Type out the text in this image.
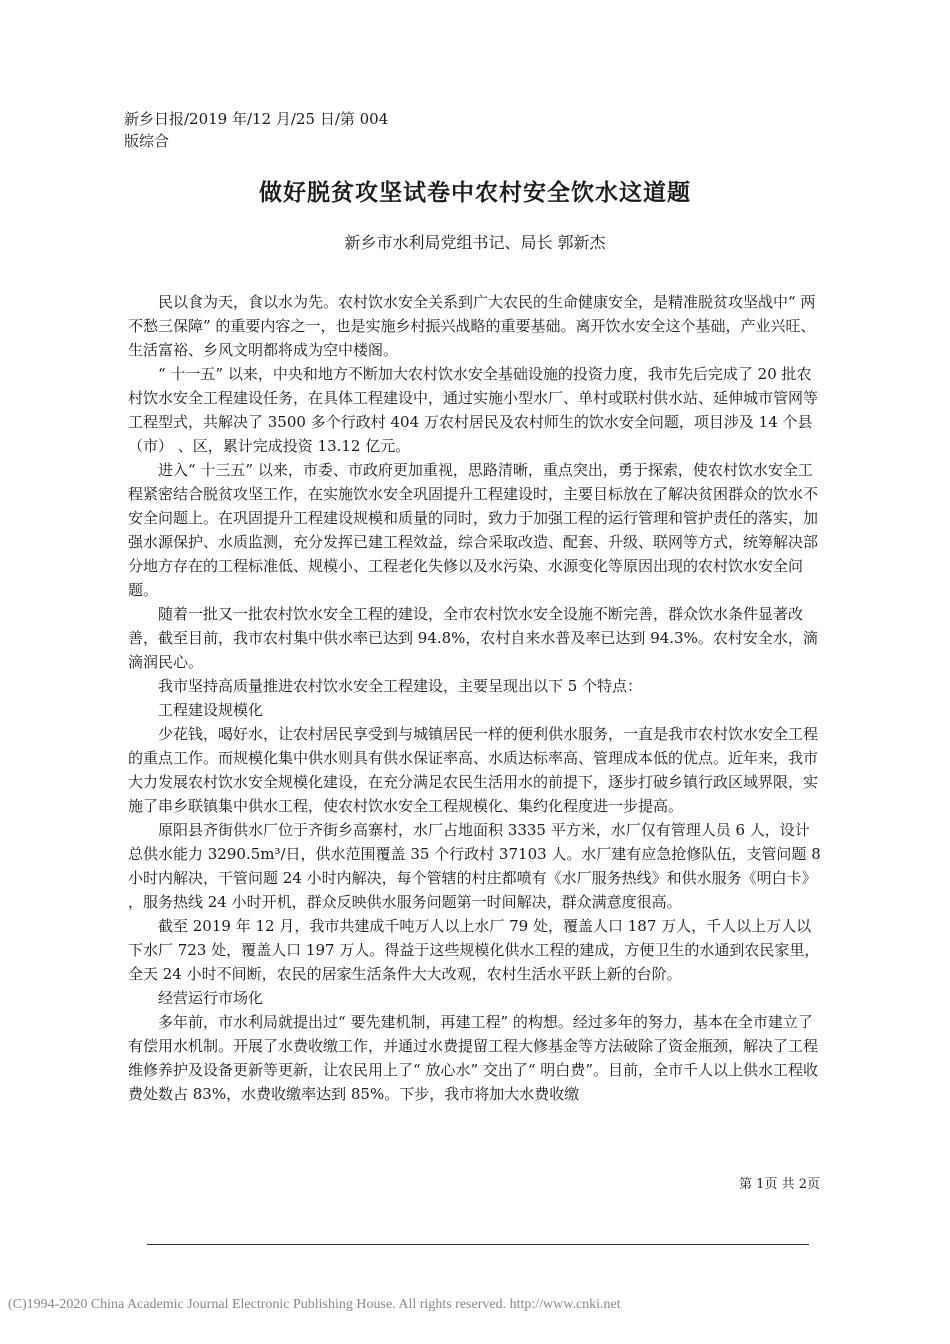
新乡日报/2019 年/12 月/25 日/第 004
版综合
做好脱贫攻坚试卷中农村安全饮水这道题
新乡市水利局党组书记、局长 郭新杰

民以食为天，食以水为先。农村饮水安全关系到广大农民的生命健康安全，是精准脱贫攻坚战中“ 两不愁三保障” 的重要内容之一，也是实施乡村振兴战略的重要基础。离开饮水安全这个基础，产业兴旺、生活富裕、乡风文明都将成为空中楼阁。

“ 十一五” 以来，中央和地方不断加大农村饮水安全基础设施的投资力度，我市先后完成了 20 批农村饮水安全工程建设任务，在具体工程建设中，通过实施小型水厂、单村或联村供水站、延伸城市管网等工程型式，共解决了 3500 多个行政村 404 万农村居民及农村师生的饮水安全问题，项目涉及 14 个县（市） 、区，累计完成投资 13.12 亿元。

进入“ 十三五” 以来，市委、市政府更加重视，思路清晰，重点突出，勇于探索，使农村饮水安全工程紧密结合脱贫攻坚工作，在实施饮水安全巩固提升工程建设时，主要目标放在了解决贫困群众的饮水不安全问题上。在巩固提升工程建设规模和质量的同时，致力于加强工程的运行管理和管护责任的落实，加强水源保护、水质监测，充分发挥已建工程效益，综合采取改造、配套、升级、联网等方式，统筹解决部分地方存在的工程标准低、规模小、工程老化失修以及水污染、水源变化等原因出现的农村饮水安全问题。

随着一批又一批农村饮水安全工程的建设，全市农村饮水安全设施不断完善，群众饮水条件显著改善，截至目前，我市农村集中供水率已达到 94.8%，农村自来水普及率已达到 94.3%。农村安全水，滴滴润民心。

我市坚持高质量推进农村饮水安全工程建设，主要呈现出以下 5 个特点：

工程建设规模化

少花钱，喝好水，让农村居民享受到与城镇居民一样的便利供水服务，一直是我市农村饮水安全工程的重点工作。而规模化集中供水则具有供水保证率高、水质达标率高、管理成本低的优点。近年来，我市大力发展农村饮水安全规模化建设，在充分满足农民生活用水的前提下，逐步打破乡镇行政区域界限，实施了串乡联镇集中供水工程，使农村饮水安全工程规模化、集约化程度进一步提高。

原阳县齐街供水厂位于齐街乡高寨村，水厂占地面积 3335 平方米，水厂仅有管理人员 6 人，设计总供水能力 3290.5m³/日，供水范围覆盖 35 个行政村 37103 人。水厂建有应急抢修队伍，支管问题 8 小时内解决，干管问题 24 小时内解决，每个管辖的村庄都喷有《水厂服务热线》和供水服务《明白卡》 ，服务热线 24 小时开机，群众反映供水服务问题第一时间解决，群众满意度很高。

截至 2019 年 12 月，我市共建成千吨万人以上水厂 79 处，覆盖人口 187 万人，千人以上万人以下水厂 723 处，覆盖人口 197 万人。得益于这些规模化供水工程的建成，方便卫生的水通到农民家里，全天 24 小时不间断，农民的居家生活条件大大改观，农村生活水平跃上新的台阶。

经营运行市场化

多年前，市水利局就提出过“ 要先建机制，再建工程” 的构想。经过多年的努力，基本在全市建立了有偿用水机制。开展了水费收缴工作，并通过水费提留工程大修基金等方法破除了资金瓶颈，解决了工程维修养护及设备更新等更新，让农民用上了“ 放心水” 交出了“ 明白费”。目前，全市千人以上供水工程收费处数占 83%，水费收缴率达到 85%。下步，我市将加大水费收缴

第 1页 共 2页
(C)1994-2020 China Academic Journal Electronic Publishing House. All rights reserved. http://www.cnki.net
